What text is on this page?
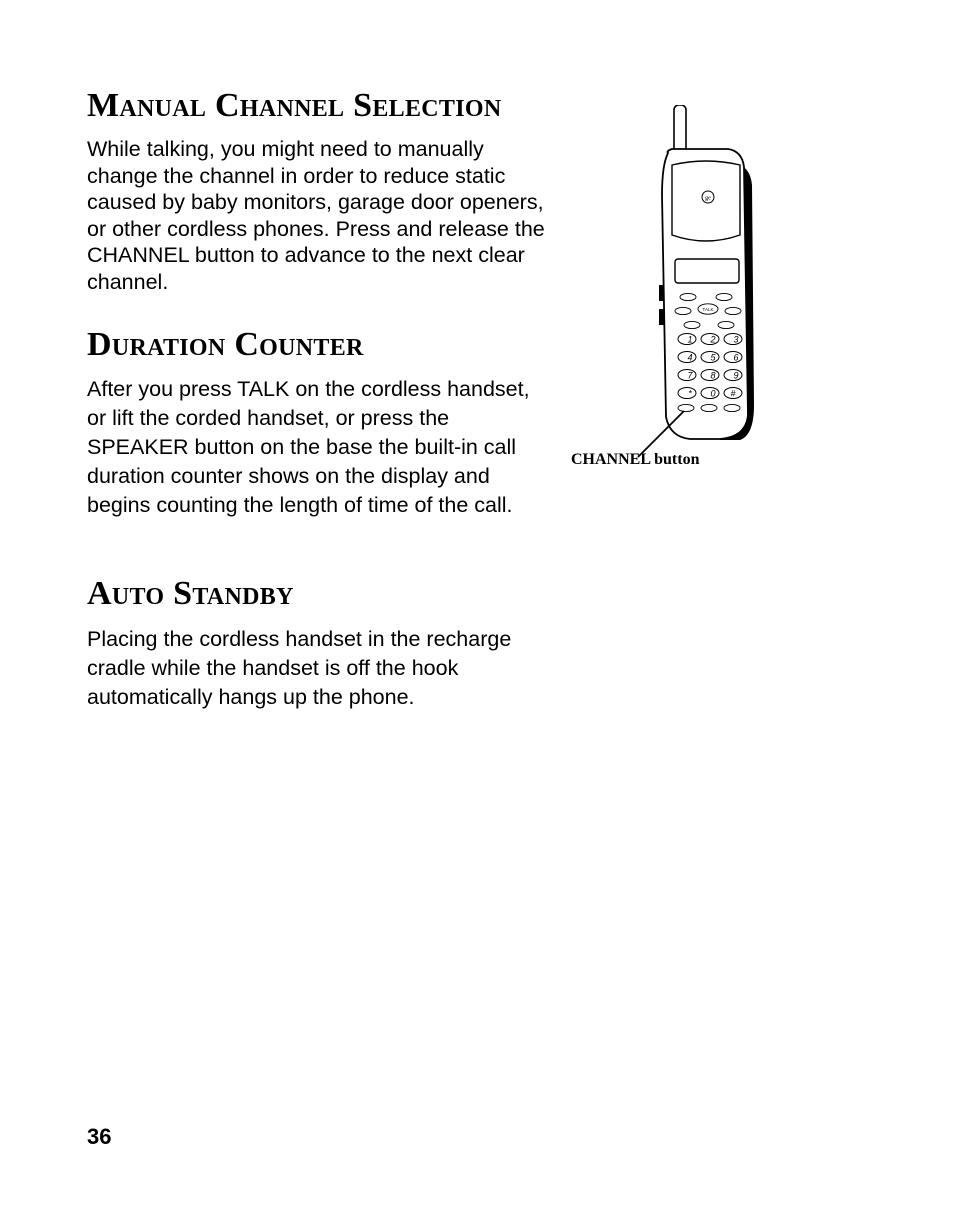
Manual Channel Selection

While talking, you might need to manually change the channel in order to reduce static caused by baby monitors, garage door openers, or other cordless phones. Press and release the CHANNEL button to advance to the next clear channel.

Duration Counter

After you press TALK on the cordless handset, or lift the corded handset, or press the SPEAKER button on the base the built-in call duration counter shows on the display and begins counting the length of time of the call.

Auto Standby

Placing the cordless handset in the recharge cradle while the handset is off the hook automatically hangs up the phone.

ge
TALK
1 2 3
4 5 6
7 8 9
* 0 #
CHANNEL button
36
